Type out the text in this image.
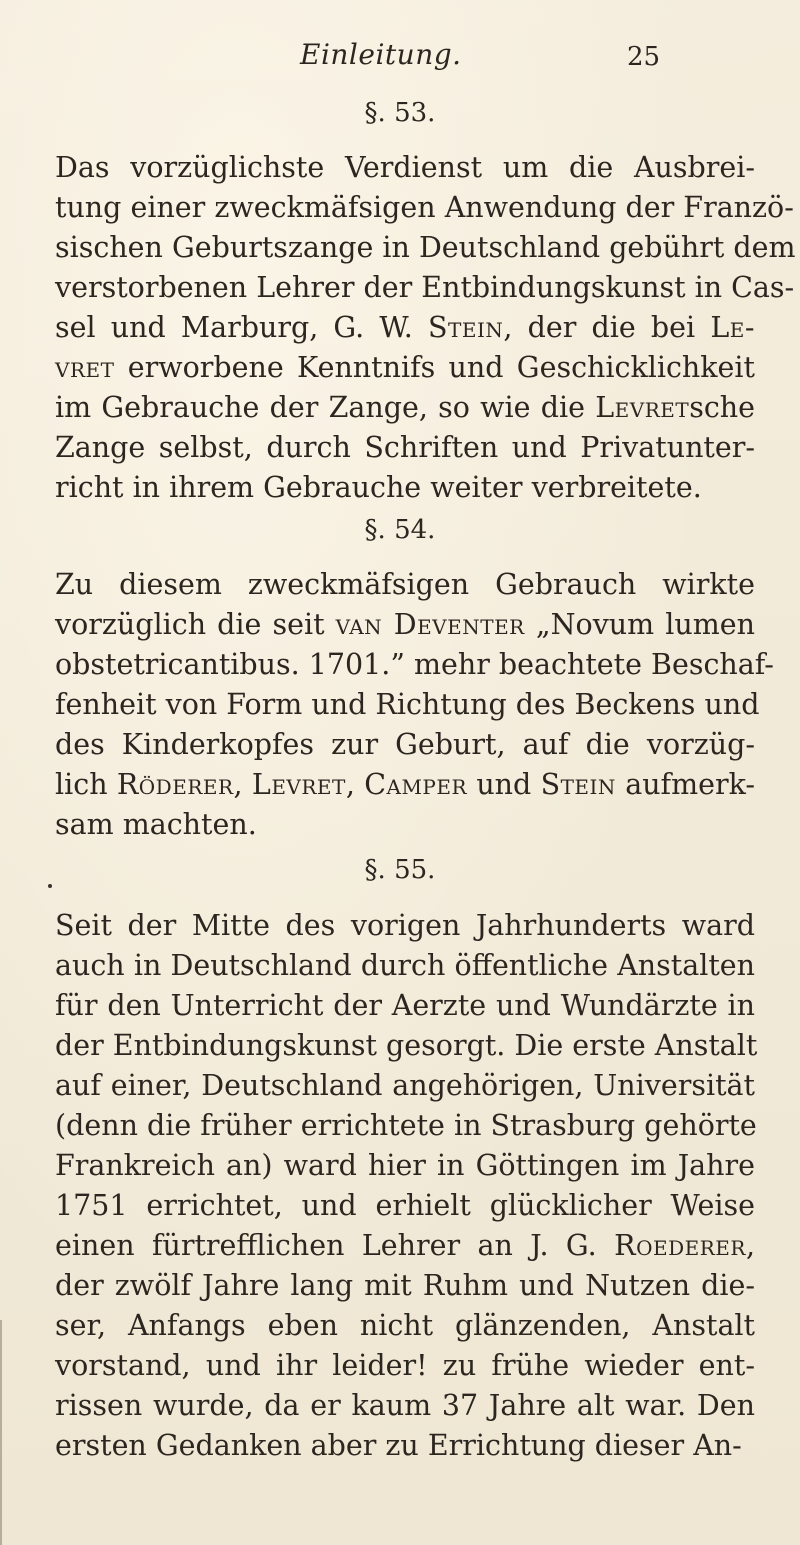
Einleitung.	25
§. 53.
Das vorzüglichste Verdienst um die Ausbrei-
tung einer zweckmäfsigen Anwendung der Franzö-
sischen Geburtszange in Deutschland gebührt dem
verstorbenen Lehrer der Entbindungskunst in Cas-
sel und Marburg, G. W. Stein, der die bei Le-
vret erworbene Kenntnifs und Geschicklichkeit
im Gebrauche der Zange, so wie die Levretsche
Zange selbst, durch Schriften und Privatunter-
richt in ihrem Gebrauche weiter verbreitete.
§. 54.
Zu diesem zweckmäfsigen Gebrauch wirkte
vorzüglich die seit van Deventer „Novum lumen
obstetricantibus. 1701.” mehr beachtete Beschaf-
fenheit von Form und Richtung des Beckens und
des Kinderkopfes zur Geburt, auf die vorzüg-
lich Röderer, Levret, Camper und Stein aufmerk-
sam machten.
§. 55.
Seit der Mitte des vorigen Jahrhunderts ward
auch in Deutschland durch öffentliche Anstalten
für den Unterricht der Aerzte und Wundärzte in
der Entbindungskunst gesorgt. Die erste Anstalt
auf einer, Deutschland angehörigen, Universität
(denn die früher errichtete in Strasburg gehörte
Frankreich an) ward hier in Göttingen im Jahre
1751 errichtet, und erhielt glücklicher Weise
einen fürtrefflichen Lehrer an J. G. Roederer,
der zwölf Jahre lang mit Ruhm und Nutzen die-
ser, Anfangs eben nicht glänzenden, Anstalt
vorstand, und ihr leider! zu frühe wieder ent-
rissen wurde, da er kaum 37 Jahre alt war. Den
ersten Gedanken aber zu Errichtung dieser An-
